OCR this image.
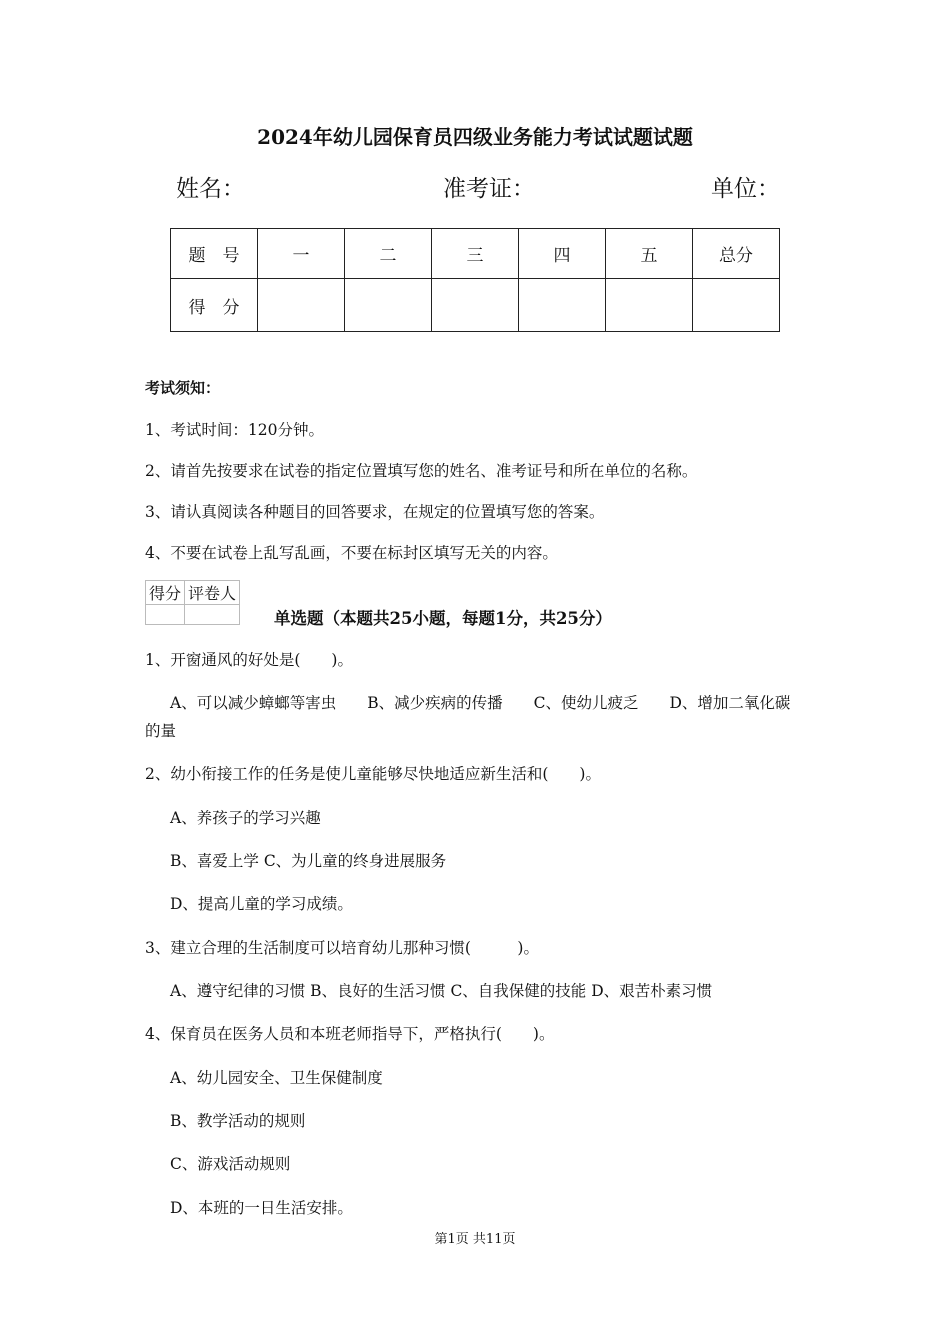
2024年幼儿园保育员四级业务能力考试试题试题
姓名：	准考证：	单位：
题　号	一	二	三	四	五	总分
得　分						
考试须知：
1、考试时间：120分钟。
2、请首先按要求在试卷的指定位置填写您的姓名、准考证号和所在单位的名称。
3、请认真阅读各种题目的回答要求，在规定的位置填写您的答案。
4、不要在试卷上乱写乱画，不要在标封区填写无关的内容。
得分	评卷人

单选题（本题共25小题，每题1分，共25分）
1、开窗通风的好处是(　　)。
A、可以减少蟑螂等害虫　　B、减少疾病的传播　　C、使幼儿疲乏　　D、增加二氧化碳
的量
2、幼小衔接工作的任务是使儿童能够尽快地适应新生活和(　　)。
A、养孩子的学习兴趣
B、喜爱上学 C、为儿童的终身进展服务
D、提高儿童的学习成绩。
3、建立合理的生活制度可以培育幼儿那种习惯(　　　)。
A、遵守纪律的习惯 B、良好的生活习惯 C、自我保健的技能 D、艰苦朴素习惯
4、保育员在医务人员和本班老师指导下，严格执行(　　)。
A、幼儿园安全、卫生保健制度
B、教学活动的规则
C、游戏活动规则
D、本班的一日生活安排。
第1页 共11页
